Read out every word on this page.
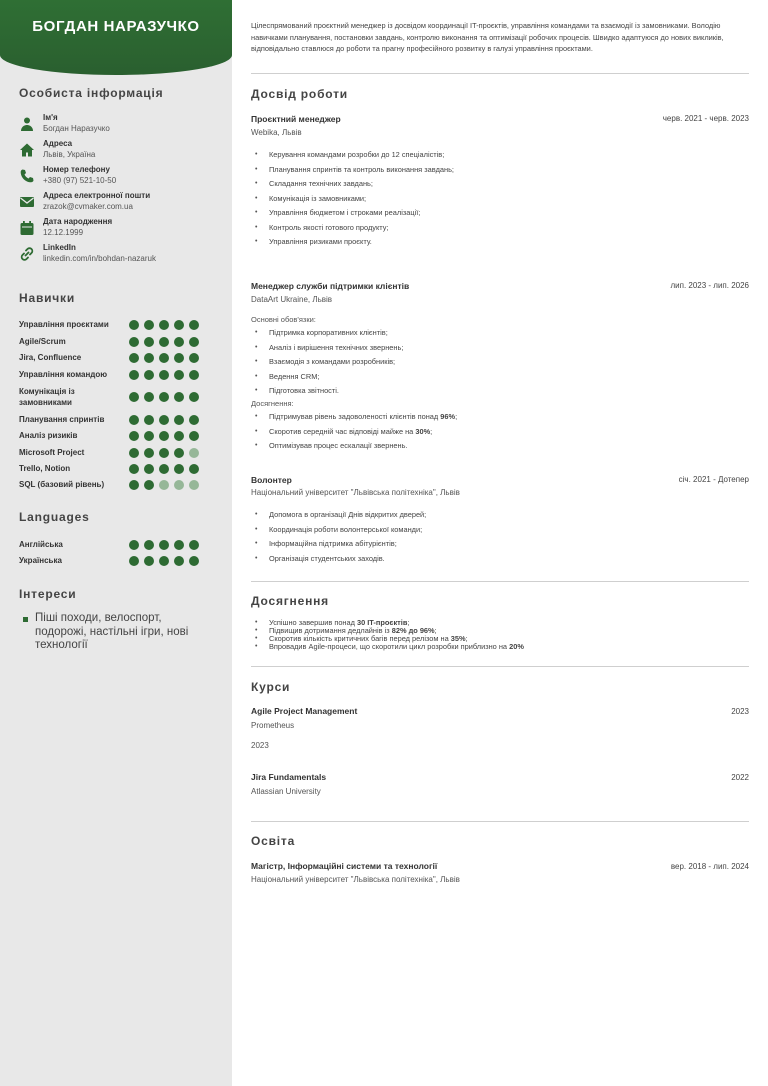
БОГДАН НАРАЗУЧКО
Особиста інформація
Ім'я
Богдан Наразучко
Адреса
Львів, Україна
Номер телефону
+380 (97) 521-10-50
Адреса електронної пошти
zrazok@cvmaker.com.ua
Дата народження
12.12.1999
LinkedIn
linkedin.com/in/bohdan-nazaruk
Навички
Управління проєктами
Agile/Scrum
Jira, Confluence
Управління командою
Комунікація із замовниками
Планування спринтів
Аналіз ризиків
Microsoft Project
Trello, Notion
SQL (базовий рівень)
Languages
Англійська
Українська
Інтереси
Піші походи, велоспорт, подорожі, настільні ігри, нові технології
Цілеспрямований проєктний менеджер із досвідом координації IT-проєктів, управління командами та взаємодії із замовниками. Володію навичками планування, постановки завдань, контролю виконання та оптимізації робочих процесів. Швидко адаптуюся до нових викликів, відповідально ставлюся до роботи та прагну професійного розвитку в галузі управління проєктами.
Досвід роботи
Проєктний менеджер	черв. 2021 - черв. 2023
Webika, Львів
• Керування командами розробки до 12 спеціалістів;
• Планування спринтів та контроль виконання завдань;
• Складання технічних завдань;
• Комунікація із замовниками;
• Управління бюджетом і строками реалізації;
• Контроль якості готового продукту;
• Управління ризиками проєкту.
Менеджер служби підтримки клієнтів	лип. 2023 - лип. 2026
DataArt Ukraine, Львів
Основні обов'язки:
• Підтримка корпоративних клієнтів;
• Аналіз і вирішення технічних звернень;
• Взаємодія з командами розробників;
• Ведення CRM;
• Підготовка звітності.
Досягнення:
• Підтримував рівень задоволеності клієнтів понад 96%;
• Скоротив середній час відповіді майже на 30%;
• Оптимізував процес ескалації звернень.
Волонтер	січ. 2021 - Дотепер
Національний університет "Львівська політехніка", Львів
• Допомога в організації Днів відкритих дверей;
• Координація роботи волонтерської команди;
• Інформаційна підтримка абітурієнтів;
• Організація студентських заходів.
Досягнення
• Успішно завершив понад 30 IT-проєктів;
• Підвищив дотримання дедлайнів із 82% до 96%;
• Скоротив кількість критичних багів перед релізом на 35%;
• Впровадив Agile-процеси, що скоротили цикл розробки приблизно на 20%
Курси
Agile Project Management	2023
Prometheus
2023
Jira Fundamentals	2022
Atlassian University
Освіта
Магістр, Інформаційні системи та технології	вер. 2018 - лип. 2024
Національний університет "Львівська політехніка", Львів
